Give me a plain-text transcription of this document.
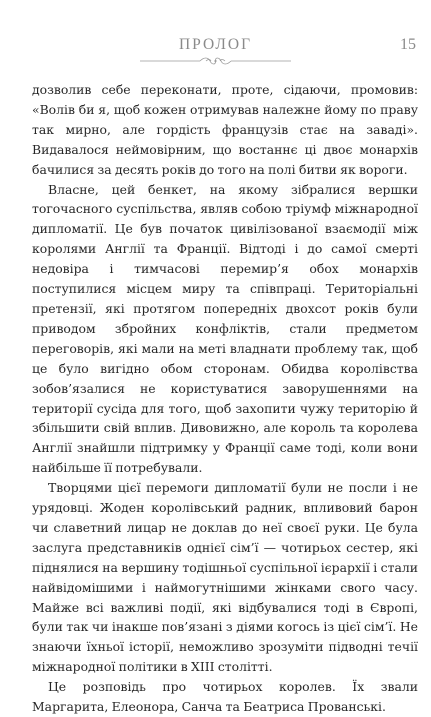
ПРОЛОГ	15

дозволив себе переконати, проте, сідаючи, промовив: «Волів би я, щоб кожен отримував належне йому по праву так мирно, але гордість французів стає на заваді». Видавалося неймовірним, що востаннє ці двоє монархів бачилися за десять років до того на полі битви як вороги.

Власне, цей бенкет, на якому зібралися вершки тогочасного суспільства, являв собою тріумф міжнародної дипломатії. Це був початок цивілізованої взаємодії між королями Англії та Франції. Відтоді і до самої смерті недовіра і тимчасові перемир’я обох монархів поступилися місцем миру та співпраці. Територіальні претензії, які протягом попередніх двохсот років були приводом збройних конфліктів, стали предметом переговорів, які мали на меті владнати проблему так, щоб це було вигідно обом сторонам. Обидва королівства зобов’язалися не користуватися заворушеннями на території сусіда для того, щоб захопити чужу територію й збільшити свій вплив. Дивовижно, але король та королева Англії знайшли підтримку у Франції саме тоді, коли вони найбільше її потребували.

Творцями цієї перемоги дипломатії були не посли і не урядовці. Жоден королівський радник, впливовий барон чи славетний лицар не доклав до неї своєї руки. Це була заслуга представників однієї сім’ї — чотирьох сестер, які піднялися на вершину тодішньої суспільної ієрархії і стали найвідомішими і наймогутнішими жінками свого часу. Майже всі важливі події, які відбувалися тоді в Європі, були так чи інакше пов’язані з діями когось із цієї сім’ї. Не знаючи їхньої історії, неможливо зрозуміти підводні течії міжнародної політики в XIII столітті.

Це розповідь про чотирьох королев. Їх звали Маргарита, Елеонора, Санча та Беатриса Прованські.
